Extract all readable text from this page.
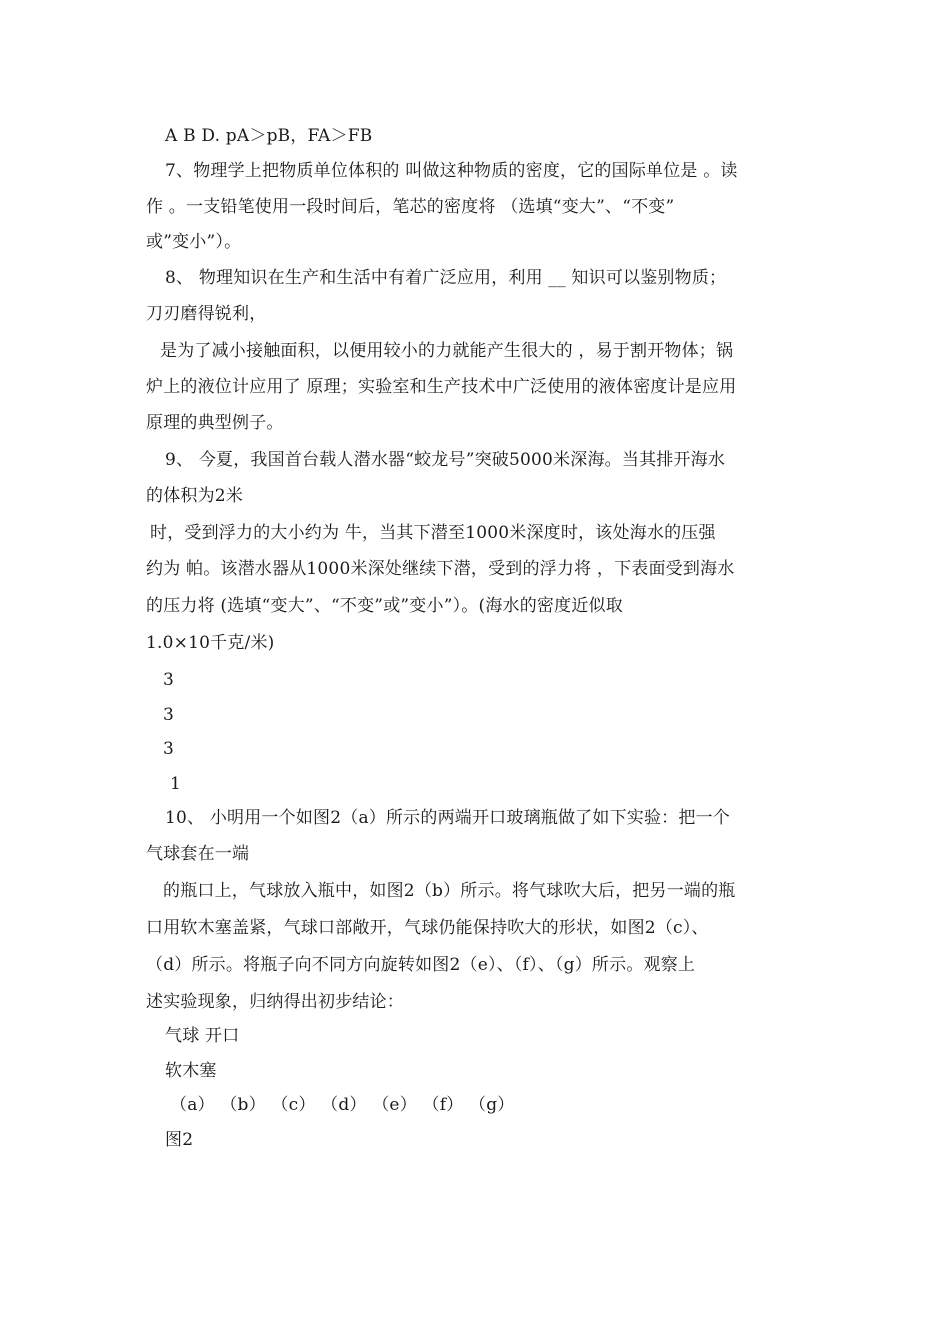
A B D. pA＞pB，FA＞FB
7、物理学上把物质单位体积的 叫做这种物质的密度，它的国际单位是 。读
作 。一支铅笔使用一段时间后，笔芯的密度将 （选填“变大”、“不变”
或”变小”）。
8、 物理知识在生产和生活中有着广泛应用，利用 __ 知识可以鉴别物质；
刀刃磨得锐利，
是为了减小接触面积，以便用较小的力就能产生很大的 ，易于割开物体；锅
炉上的液位计应用了 原理；实验室和生产技术中广泛使用的液体密度计是应用
原理的典型例子。
9、 今夏，我国首台载人潜水器“蛟龙号”突破5000米深海。当其排开海水
的体积为2米
时，受到浮力的大小约为 牛，当其下潜至1000米深度时，该处海水的压强
约为 帕。该潜水器从1000米深处继续下潜，受到的浮力将 ，下表面受到海水
的压力将 (选填“变大”、“不变”或”变小”）。(海水的密度近似取
1.0×10千克/米)
3
3
3
1
10、 小明用一个如图2（a）所示的两端开口玻璃瓶做了如下实验：把一个
气球套在一端
的瓶口上，气球放入瓶中，如图2（b）所示。将气球吹大后，把另一端的瓶
口用软木塞盖紧，气球口部敞开，气球仍能保持吹大的形状，如图2（c）、
（d）所示。将瓶子向不同方向旋转如图2（e）、（f）、（g）所示。观察上
述实验现象，归纳得出初步结论：
气球 开口
软木塞
（a） （b） （c） （d） （e） （f） （g）
图2
